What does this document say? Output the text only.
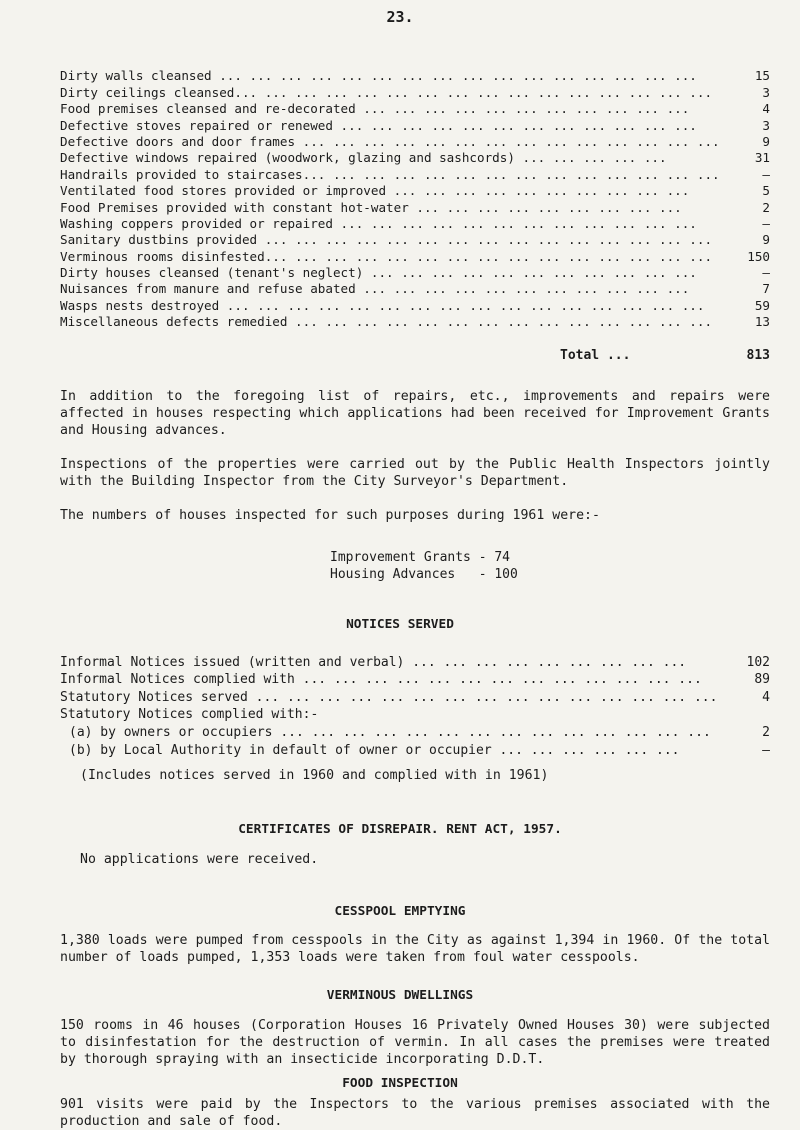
23.
Dirty walls cleansed ... ... ... ... ... ... ... ... ... ... ... ... ... ... ... ...	15
Dirty ceilings cleansed... ... ... ... ... ... ... ... ... ... ... ... ... ... ... ...	3
Food premises cleansed and re-decorated ... ... ... ... ... ... ... ... ... ... ...	4
Defective stoves repaired or renewed ... ... ... ... ... ... ... ... ... ... ... ...	3
Defective doors and door frames ... ... ... ... ... ... ... ... ... ... ... ... ... ...	9
Defective windows repaired (woodwork, glazing and sashcords) ... ... ... ... ...	31
Handrails provided to staircases... ... ... ... ... ... ... ... ... ... ... ... ... ...	–
Ventilated food stores provided or improved ... ... ... ... ... ... ... ... ... ...	5
Food Premises provided with constant hot-water ... ... ... ... ... ... ... ... ...	2
Washing coppers provided or repaired ... ... ... ... ... ... ... ... ... ... ... ...	–
Sanitary dustbins provided ... ... ... ... ... ... ... ... ... ... ... ... ... ... ...	9
Verminous rooms disinfested... ... ... ... ... ... ... ... ... ... ... ... ... ... ...	150
Dirty houses cleansed (tenant's neglect) ... ... ... ... ... ... ... ... ... ... ...	–
Nuisances from manure and refuse abated ... ... ... ... ... ... ... ... ... ... ...	7
Wasps nests destroyed ... ... ... ... ... ... ... ... ... ... ... ... ... ... ... ...	59
Miscellaneous defects remedied ... ... ... ... ... ... ... ... ... ... ... ... ... ...	13
Total ...	813

In addition to the foregoing list of repairs, etc., improvements and repairs were affected in houses respecting which applications had been received for Improvement Grants and Housing advances.

Inspections of the properties were carried out by the Public Health Inspectors jointly with the Building Inspector from the City Surveyor's Department.

The numbers of houses inspected for such purposes during 1961 were:-

Improvement Grants - 74
Housing Advances   - 100
NOTICES SERVED
Informal Notices issued (written and verbal) ... ... ... ... ... ... ... ... ...	102
Informal Notices complied with ... ... ... ... ... ... ... ... ... ... ... ... ...	89
Statutory Notices served ... ... ... ... ... ... ... ... ... ... ... ... ... ... ...	4
Statutory Notices complied with:-
(a) by owners or occupiers ... ... ... ... ... ... ... ... ... ... ... ... ... ...	2
(b) by Local Authority in default of owner or occupier ... ... ... ... ... ...	–

(Includes notices served in 1960 and complied with in 1961)

CERTIFICATES OF DISREPAIR. RENT ACT, 1957.

No applications were received.

CESSPOOL EMPTYING

1,380 loads were pumped from cesspools in the City as against 1,394 in 1960. Of the total number of loads pumped, 1,353 loads were taken from foul water cesspools.

VERMINOUS DWELLINGS

150 rooms in 46 houses (Corporation Houses 16 Privately Owned Houses 30) were subjected to disinfestation for the destruction of vermin. In all cases the premises were treated by thorough spraying with an insecticide incorporating D.D.T.

FOOD INSPECTION

901 visits were paid by the Inspectors to the various premises associated with the production and sale of food.
